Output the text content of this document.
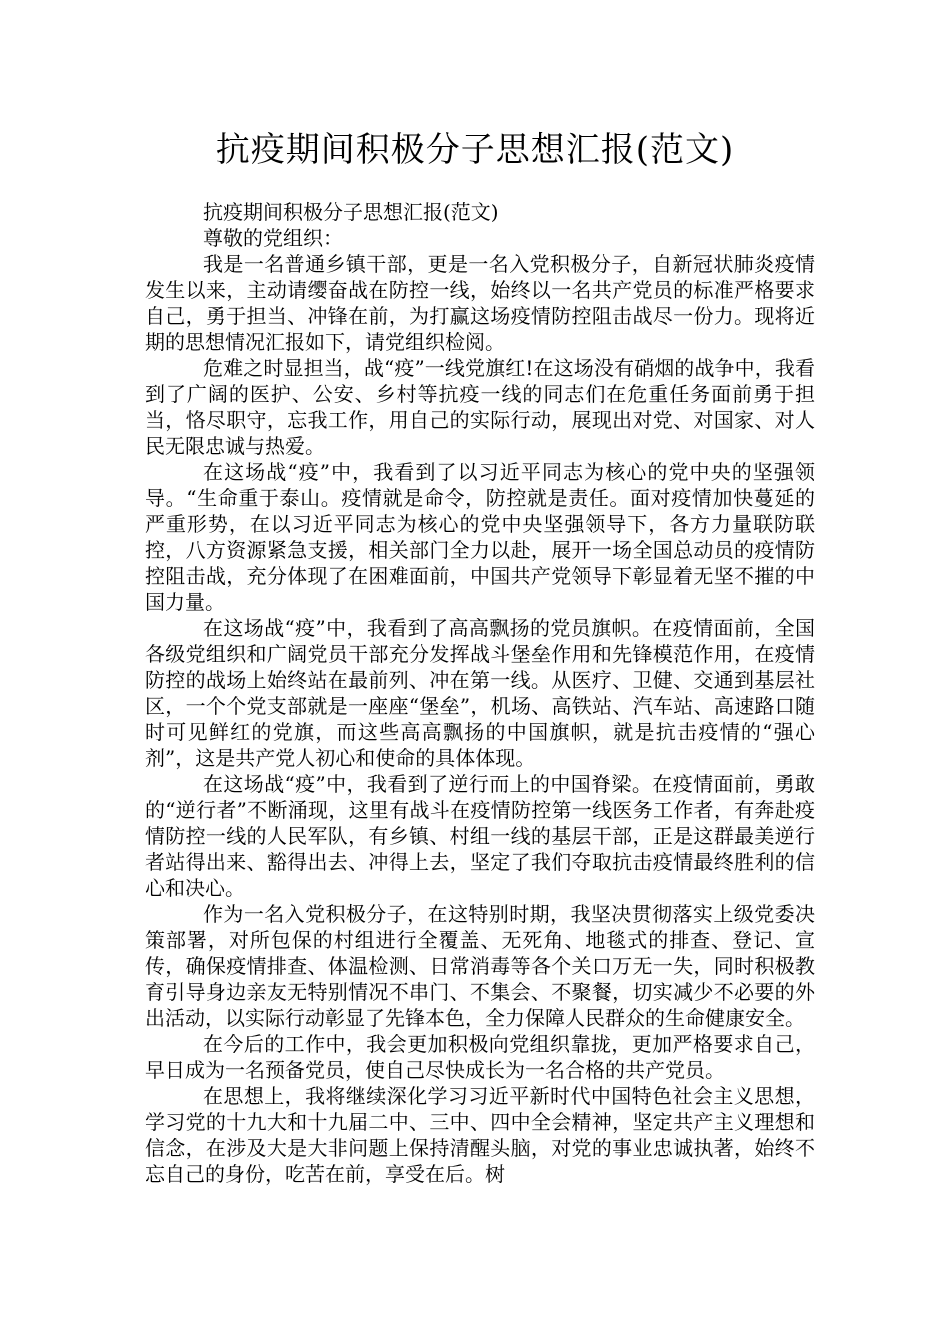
抗疫期间积极分子思想汇报(范文)

抗疫期间积极分子思想汇报(范文)

尊敬的党组织：

我是一名普通乡镇干部，更是一名入党积极分子，自新冠状肺炎疫情发生以来，主动请缨奋战在防控一线，始终以一名共产党员的标准严格要求自己，勇于担当、冲锋在前，为打赢这场疫情防控阻击战尽一份力。现将近期的思想情况汇报如下，请党组织检阅。

危难之时显担当，战“疫”一线党旗红!在这场没有硝烟的战争中，我看到了广阔的医护、公安、乡村等抗疫一线的同志们在危重任务面前勇于担当，恪尽职守，忘我工作，用自己的实际行动，展现出对党、对国家、对人民无限忠诚与热爱。

在这场战“疫”中，我看到了以习近平同志为核心的党中央的坚强领导。“生命重于泰山。疫情就是命令，防控就是责任。面对疫情加快蔓延的严重形势，在以习近平同志为核心的党中央坚强领导下，各方力量联防联控，八方资源紧急支援，相关部门全力以赴，展开一场全国总动员的疫情防控阻击战，充分体现了在困难面前，中国共产党领导下彰显着无坚不摧的中国力量。

在这场战“疫”中，我看到了高高飘扬的党员旗帜。在疫情面前，全国各级党组织和广阔党员干部充分发挥战斗堡垒作用和先锋模范作用，在疫情防控的战场上始终站在最前列、冲在第一线。从医疗、卫健、交通到基层社区，一个个党支部就是一座座“堡垒”，机场、高铁站、汽车站、高速路口随时可见鲜红的党旗，而这些高高飘扬的中国旗帜，就是抗击疫情的“强心剂”，这是共产党人初心和使命的具体体现。

在这场战“疫”中，我看到了逆行而上的中国脊梁。在疫情面前，勇敢的“逆行者”不断涌现，这里有战斗在疫情防控第一线医务工作者，有奔赴疫情防控一线的人民军队，有乡镇、村组一线的基层干部，正是这群最美逆行者站得出来、豁得出去、冲得上去，坚定了我们夺取抗击疫情最终胜利的信心和决心。

作为一名入党积极分子，在这特别时期，我坚决贯彻落实上级党委决策部署，对所包保的村组进行全覆盖、无死角、地毯式的排查、登记、宣传，确保疫情排查、体温检测、日常消毒等各个关口万无一失，同时积极教育引导身边亲友无特别情况不串门、不集会、不聚餐，切实减少不必要的外出活动，以实际行动彰显了先锋本色，全力保障人民群众的生命健康安全。

在今后的工作中，我会更加积极向党组织靠拢，更加严格要求自己，早日成为一名预备党员，使自己尽快成长为一名合格的共产党员。

在思想上，我将继续深化学习习近平新时代中国特色社会主义思想，学习党的十九大和十九届二中、三中、四中全会精神，坚定共产主义理想和信念，在涉及大是大非问题上保持清醒头脑，对党的事业忠诚执著，始终不忘自己的身份，吃苦在前，享受在后。树
